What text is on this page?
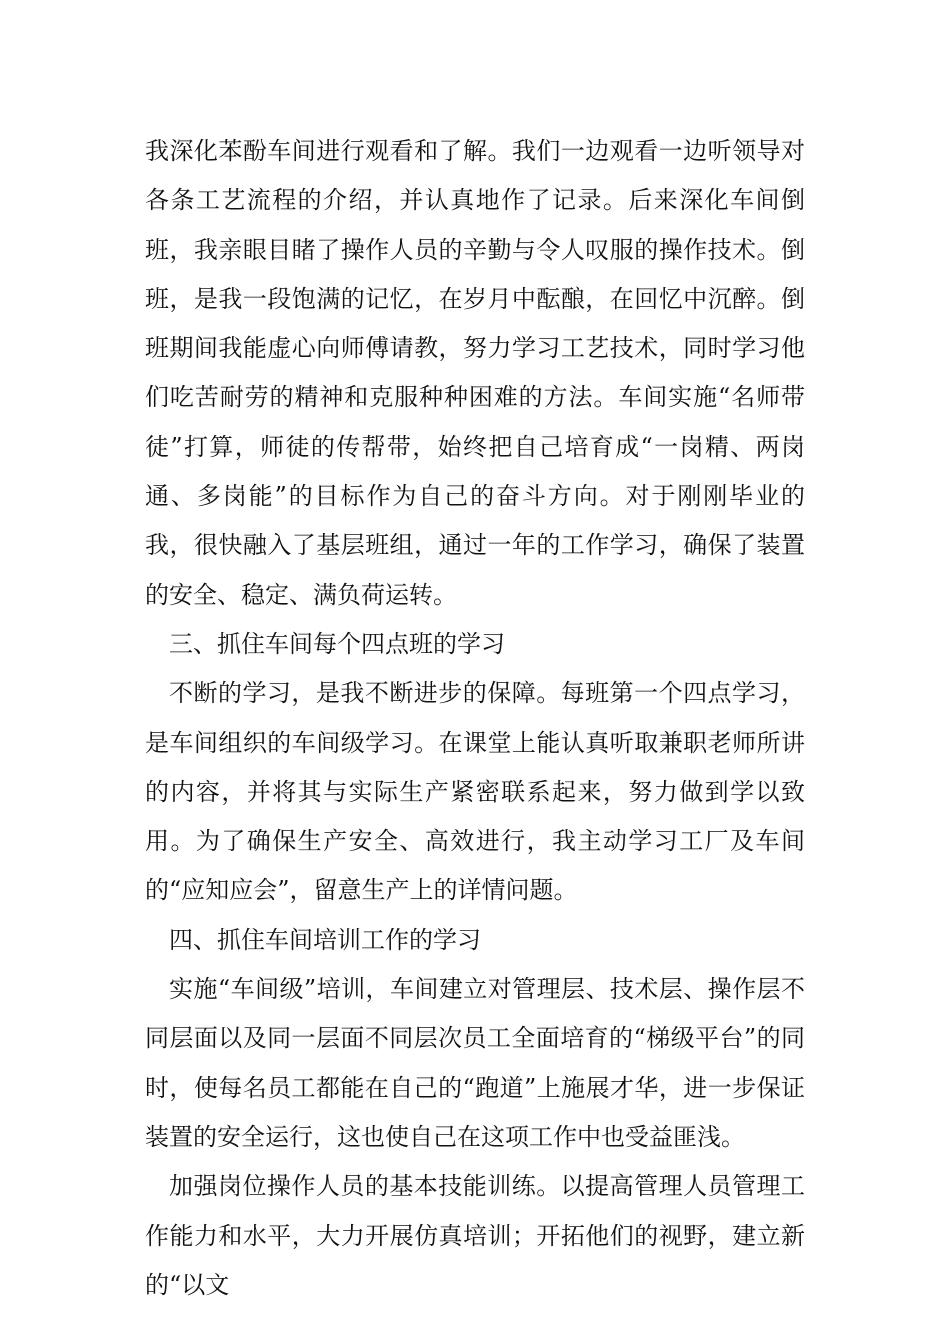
我深化苯酚车间进行观看和了解。我们一边观看一边听领导对各条工艺流程的介绍，并认真地作了记录。后来深化车间倒班，我亲眼目睹了操作人员的辛勤与令人叹服的操作技术。倒班，是我一段饱满的记忆，在岁月中酝酿，在回忆中沉醉。倒班期间我能虚心向师傅请教，努力学习工艺技术，同时学习他们吃苦耐劳的精神和克服种种困难的方法。车间实施“名师带徒”打算，师徒的传帮带，始终把自己培育成“一岗精、两岗通、多岗能”的目标作为自己的奋斗方向。对于刚刚毕业的我，很快融入了基层班组，通过一年的工作学习，确保了装置的安全、稳定、满负荷运转。

三、抓住车间每个四点班的学习

不断的学习，是我不断进步的保障。每班第一个四点学习，是车间组织的车间级学习。在课堂上能认真听取兼职老师所讲的内容，并将其与实际生产紧密联系起来，努力做到学以致用。为了确保生产安全、高效进行，我主动学习工厂及车间的“应知应会”，留意生产上的详情问题。

四、抓住车间培训工作的学习

实施“车间级”培训，车间建立对管理层、技术层、操作层不同层面以及同一层面不同层次员工全面培育的“梯级平台”的同时，使每名员工都能在自己的“跑道”上施展才华，进一步保证装置的安全运行，这也使自己在这项工作中也受益匪浅。

加强岗位操作人员的基本技能训练。以提高管理人员管理工作能力和水平，大力开展仿真培训；开拓他们的视野，建立新的“以文
